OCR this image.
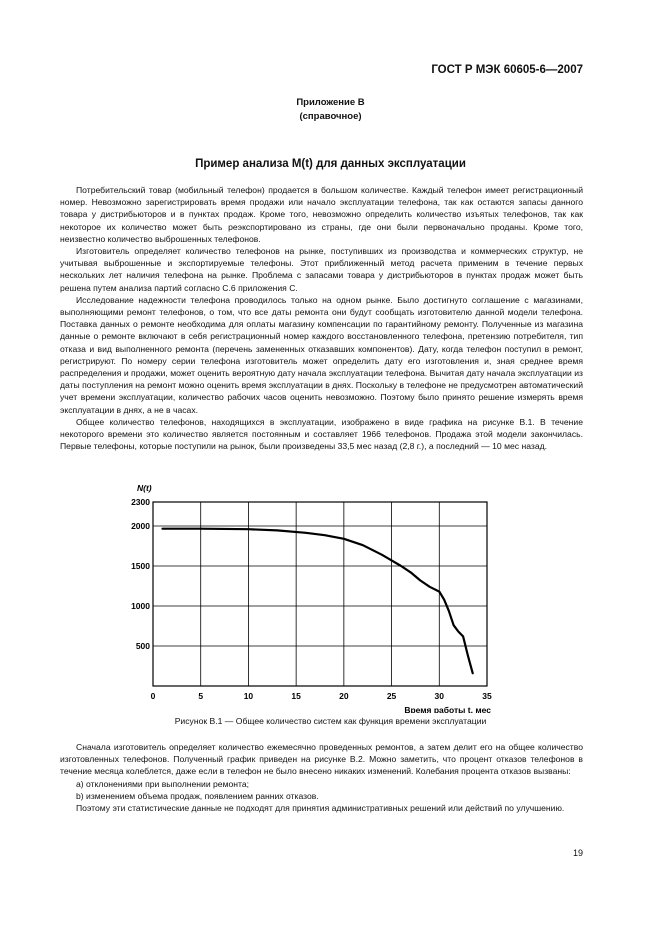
ГОСТ Р МЭК 60605-6—2007
Приложение В
(справочное)
Пример анализа M(t) для данных эксплуатации

Потребительский товар (мобильный телефон) продается в большом количестве. Каждый телефон имеет регистрационный номер. Невозможно зарегистрировать время продажи или начало эксплуатации телефона, так как остаются запасы данного товара у дистрибьюторов и в пунктах продаж. Кроме того, невозможно определить количество изъятых телефонов, так как некоторое их количество может быть реэкспортировано из страны, где они были первоначально проданы. Кроме того, неизвестно количество выброшенных телефонов.

Изготовитель определяет количество телефонов на рынке, поступивших из производства и коммерческих структур, не учитывая выброшенные и экспортируемые телефоны. Этот приближенный метод расчета применим в течение первых нескольких лет наличия телефона на рынке. Проблема с запасами товара у дистрибьюторов в пунктах продаж может быть решена путем анализа партий согласно С.6 приложения С.

Исследование надежности телефона проводилось только на одном рынке. Было достигнуто соглашение с магазинами, выполняющими ремонт телефонов, о том, что все даты ремонта они будут сообщать изготовителю данной модели телефона. Поставка данных о ремонте необходима для оплаты магазину компенсации по гарантийному ремонту. Полученные из магазина данные о ремонте включают в себя регистрационный номер каждого восстановленного телефона, претензию потребителя, тип отказа и вид выполненного ремонта (перечень замененных отказавших компонентов). Дату, когда телефон поступил в ремонт, регистрируют. По номеру серии телефона изготовитель может определить дату его изготовления и, зная среднее время распределения и продажи, может оценить вероятную дату начала эксплуатации телефона. Вычитая дату начала эксплуатации из даты поступления на ремонт можно оценить время эксплуатации в днях. Поскольку в телефоне не предусмотрен автоматический учет времени эксплуатации, количество рабочих часов оценить невозможно. Поэтому было принято решение измерять время эксплуатации в днях, а не в часах.

Общее количество телефонов, находящихся в эксплуатации, изображено в виде графика на рисунке В.1. В течение некоторого времени это количество является постоянным и составляет 1966 телефонов. Продажа этой модели закончилась. Первые телефоны, которые поступили на рынок, были произведены 33,5 мес назад (2,8 г.), а последний — 10 мес назад.

0	5	10	15	20	25	30	35
500
1000
1500
2000
2300
N(t)
Время работы t, мес
Рисунок В.1 — Общее количество систем как функция времени эксплуатации

Сначала изготовитель определяет количество ежемесячно проведенных ремонтов, а затем делит его на общее количество изготовленных телефонов. Полученный график приведен на рисунке В.2. Можно заметить, что процент отказов телефонов в течение месяца колеблется, даже если в телефон не было внесено никаких изменений. Колебания процента отказов вызваны:

а) отклонениями при выполнении ремонта;

b) изменением объема продаж, появлением ранних отказов.

Поэтому эти статистические данные не подходят для принятия административных решений или действий по улучшению.

19
